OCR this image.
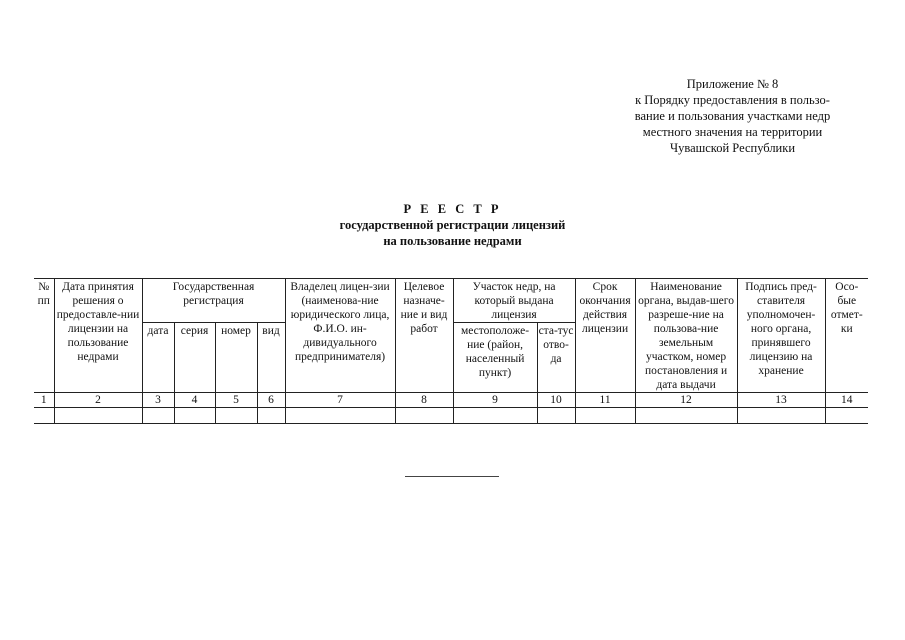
Приложение № 8
к Порядку предоставления в пользо-
вание и пользования участками недр
местного значения на территории
Чувашской Республики
Р Е Е С Т Р
государственной регистрации лицензий
на пользование недрами
№ пп	Дата принятия решения о предоставле-нии лицензии на пользование недрами	Государственная регистрация				Владелец лицен-зии (наименова-ние юридического лица, Ф.И.О. ин-дивидуального предпринимателя)	Целевое назначе-ние и вид работ	Участок недр, на который выдана лицензия		Срок окончания действия лицензии	Наименование органа, выдав-шего разреше-ние на пользова-ние земельным участком, номер постановления и дата выдачи	Подпись пред-ставителя уполномочен-ного органа, принявшего лицензию на хранение	Осо-бые отмет-ки
		дата	серия	номер	вид			местоположе-ние (район, населенный пункт)	ста-тус отво-да				

1	2	3	4	5	6	7	8	9	10	11	12	13	14
